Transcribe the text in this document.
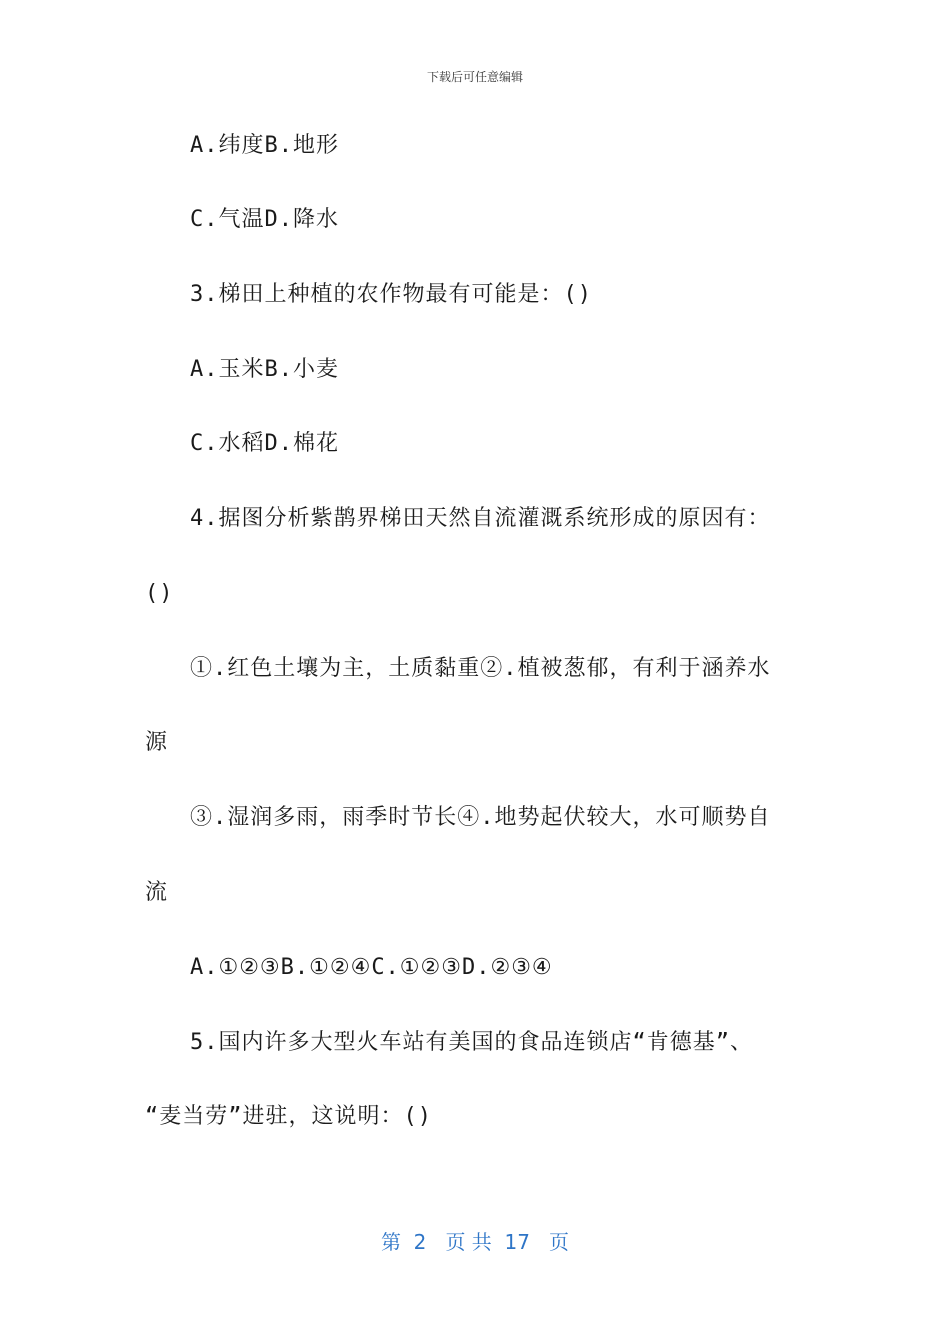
下载后可任意编辑
A.纬度B.地形
C.气温D.降水
3.梯田上种植的农作物最有可能是：()
A.玉米B.小麦
C.水稻D.棉花
4.据图分析紫鹊界梯田天然自流灌溉系统形成的原因有：
()
①.红色土壤为主，土质黏重②.植被葱郁，有利于涵养水
源
③.湿润多雨，雨季时节长④.地势起伏较大，水可顺势自
流
A.①②③B.①②④C.①②③D.②③④
5.国内许多大型火车站有美国的食品连锁店“肯德基”、
“麦当劳”进驻，这说明：()
第  2   页 共  17   页
